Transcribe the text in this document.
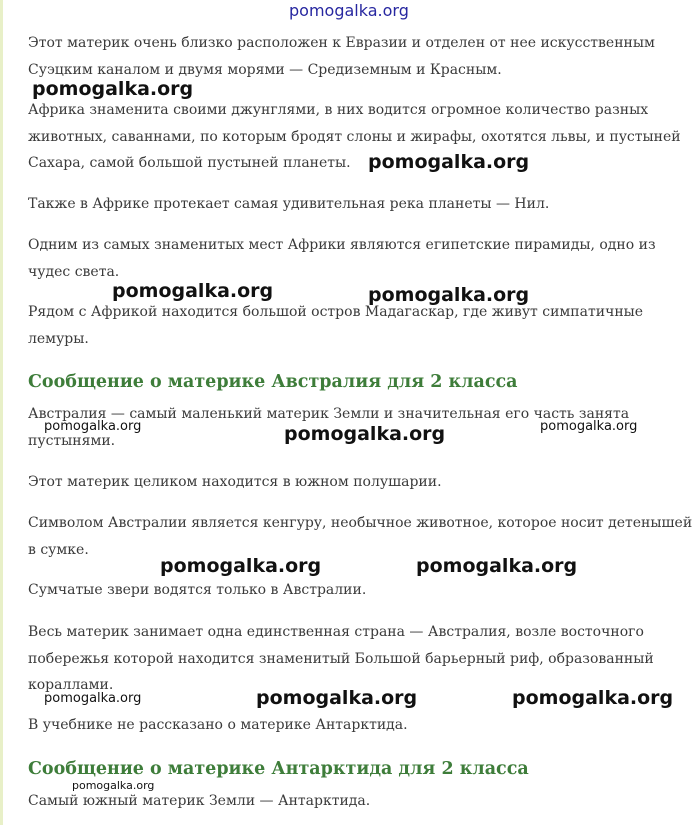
pomogalka.org

Этот материк очень близко расположен к Евразии и отделен от нее искусственным
Суэцким каналом и двумя морями — Средиземным и Красным.

Африка знаменита своими джунглями, в них водится огромное количество разных
животных, саваннами, по которым бродят слоны и жирафы, охотятся львы, и пустыней
Сахара, самой большой пустыней планеты.

Также в Африке протекает самая удивительная река планеты — Нил.

Одним из самых знаменитых мест Африки являются египетские пирамиды, одно из
чудес света.

Рядом с Африкой находится большой остров Мадагаскар, где живут симпатичные
лемуры.

Сообщение о материке Австралия для 2 класса

Австралия — самый маленький материк Земли и значительная его часть занята
пустынями.

Этот материк целиком находится в южном полушарии.

Символом Австралии является кенгуру, необычное животное, которое носит детенышей
в сумке.

Сумчатые звери водятся только в Австралии.

Весь материк занимает одна единственная страна — Австралия, возле восточного
побережья которой находится знаменитый Большой барьерный риф, образованный
кораллами.

В учебнике не рассказано о материке Антарктида.

Сообщение о материке Антарктида для 2 класса

Самый южный материк Земли — Антарктида.

pomogalka.org
pomogalka.org
pomogalka.org	pomogalka.org
pomogalka.org	pomogalka.org	pomogalka.org
pomogalka.org	pomogalka.org
pomogalka.org	pomogalka.org	pomogalka.org
pomogalka.org
